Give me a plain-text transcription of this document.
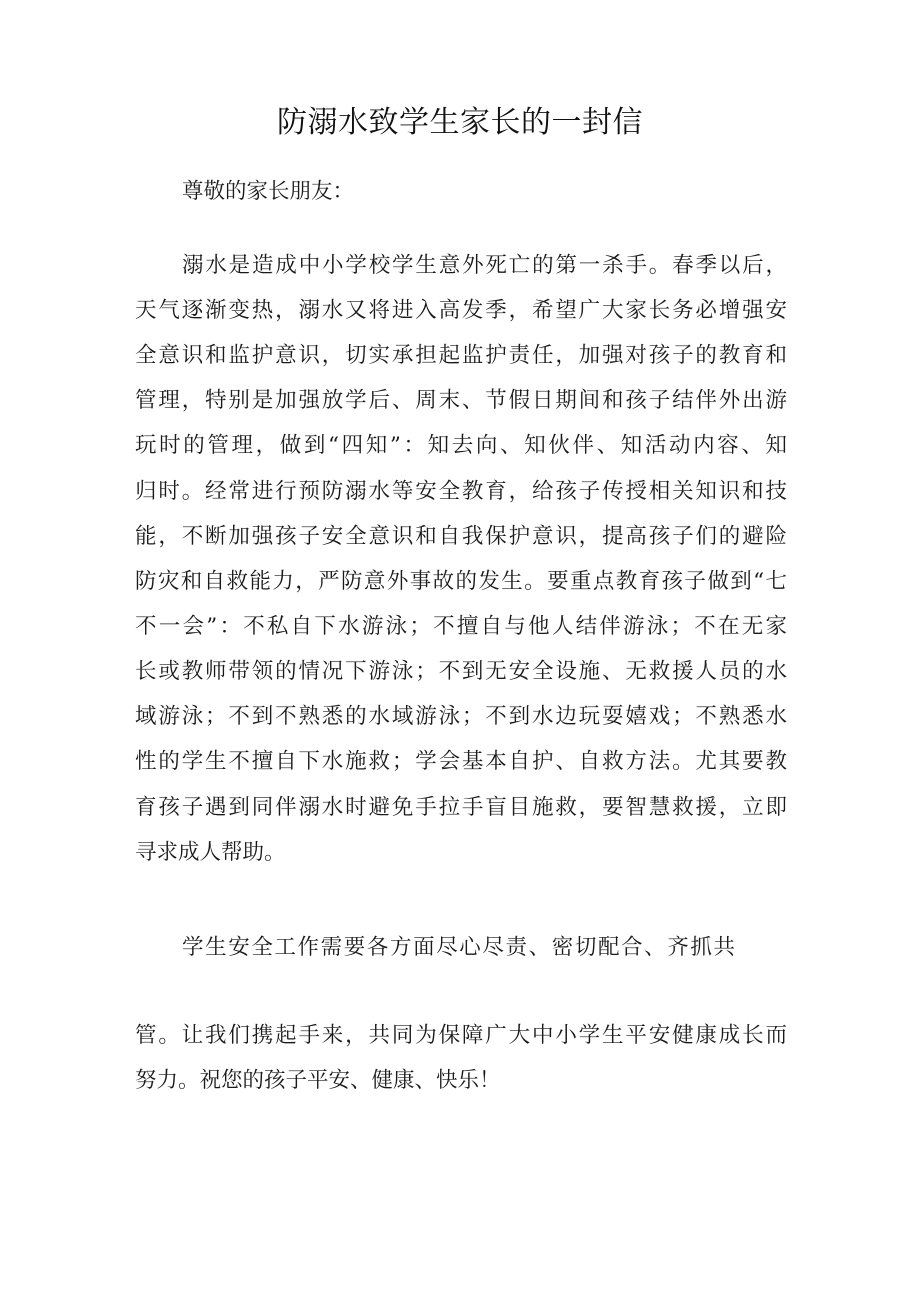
防溺水致学生家长的一封信
尊敬的家长朋友：
溺水是造成中小学校学生意外死亡的第一杀手。春季以后，
天气逐渐变热，溺水又将进入高发季，希望广大家长务必增强安
全意识和监护意识，切实承担起监护责任，加强对孩子的教育和
管理，特别是加强放学后、周末、节假日期间和孩子结伴外出游
玩时的管理，做到“四知”：知去向、知伙伴、知活动内容、知
归时。经常进行预防溺水等安全教育，给孩子传授相关知识和技
能，不断加强孩子安全意识和自我保护意识，提高孩子们的避险
防灾和自救能力，严防意外事故的发生。要重点教育孩子做到“七
不一会”：不私自下水游泳；不擅自与他人结伴游泳；不在无家
长或教师带领的情况下游泳；不到无安全设施、无救援人员的水
域游泳；不到不熟悉的水域游泳；不到水边玩耍嬉戏；不熟悉水
性的学生不擅自下水施救；学会基本自护、自救方法。尤其要教
育孩子遇到同伴溺水时避免手拉手盲目施救，要智慧救援，立即
寻求成人帮助。
学生安全工作需要各方面尽心尽责、密切配合、齐抓共
管。让我们携起手来，共同为保障广大中小学生平安健康成长而
努力。祝您的孩子平安、健康、快乐！
